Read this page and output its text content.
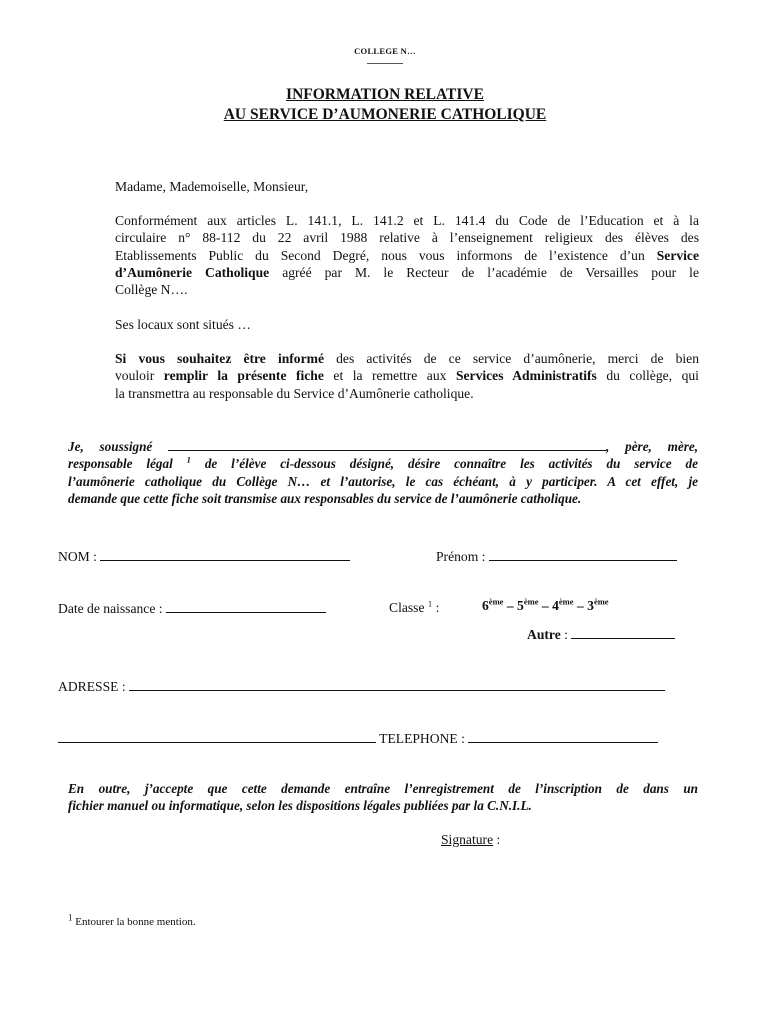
COLLEGE N…
INFORMATION RELATIVE
AU SERVICE D’AUMONERIE CATHOLIQUE
Madame, Mademoiselle, Monsieur,
Conformément aux articles L. 141.1, L. 141.2 et L. 141.4 du Code de l’Education et à la
circulaire n° 88-112 du 22 avril 1988 relative à l’enseignement religieux des élèves des
Etablissements Public du Second Degré, nous vous informons de l’existence d’un Service
d’Aumônerie Catholique agréé par M. le Recteur de l’académie de Versailles pour le
Collège N….
Ses locaux sont situés …
Si vous souhaitez être informé des activités de ce service d’aumônerie, merci de bien
vouloir remplir la présente fiche et la remettre aux Services Administratifs du collège, qui
la transmettra au responsable du Service d’Aumônerie catholique.
Je, soussigné	, père, mère,
responsable légal $^1$ de l’élève ci-dessous désigné, désire connaître les activités du service de
l’aumônerie catholique du Collège N… et l’autorise, le cas échéant, à y participer. A cet effet, je
demande que cette fiche soit transmise aux responsables du service de l’aumônerie catholique.
NOM :	Prénom :
Date de naissance :	Classe $^1$ :	6ème – 5ème – 4ème – 3ème
Autre :
ADRESSE :
TELEPHONE :
En outre, j’accepte que cette demande entraîne l’enregistrement de l’inscription de dans un
fichier manuel ou informatique, selon les dispositions légales publiées par la C.N.I.L.
Signature :
$^1$ Entourer la bonne mention.
